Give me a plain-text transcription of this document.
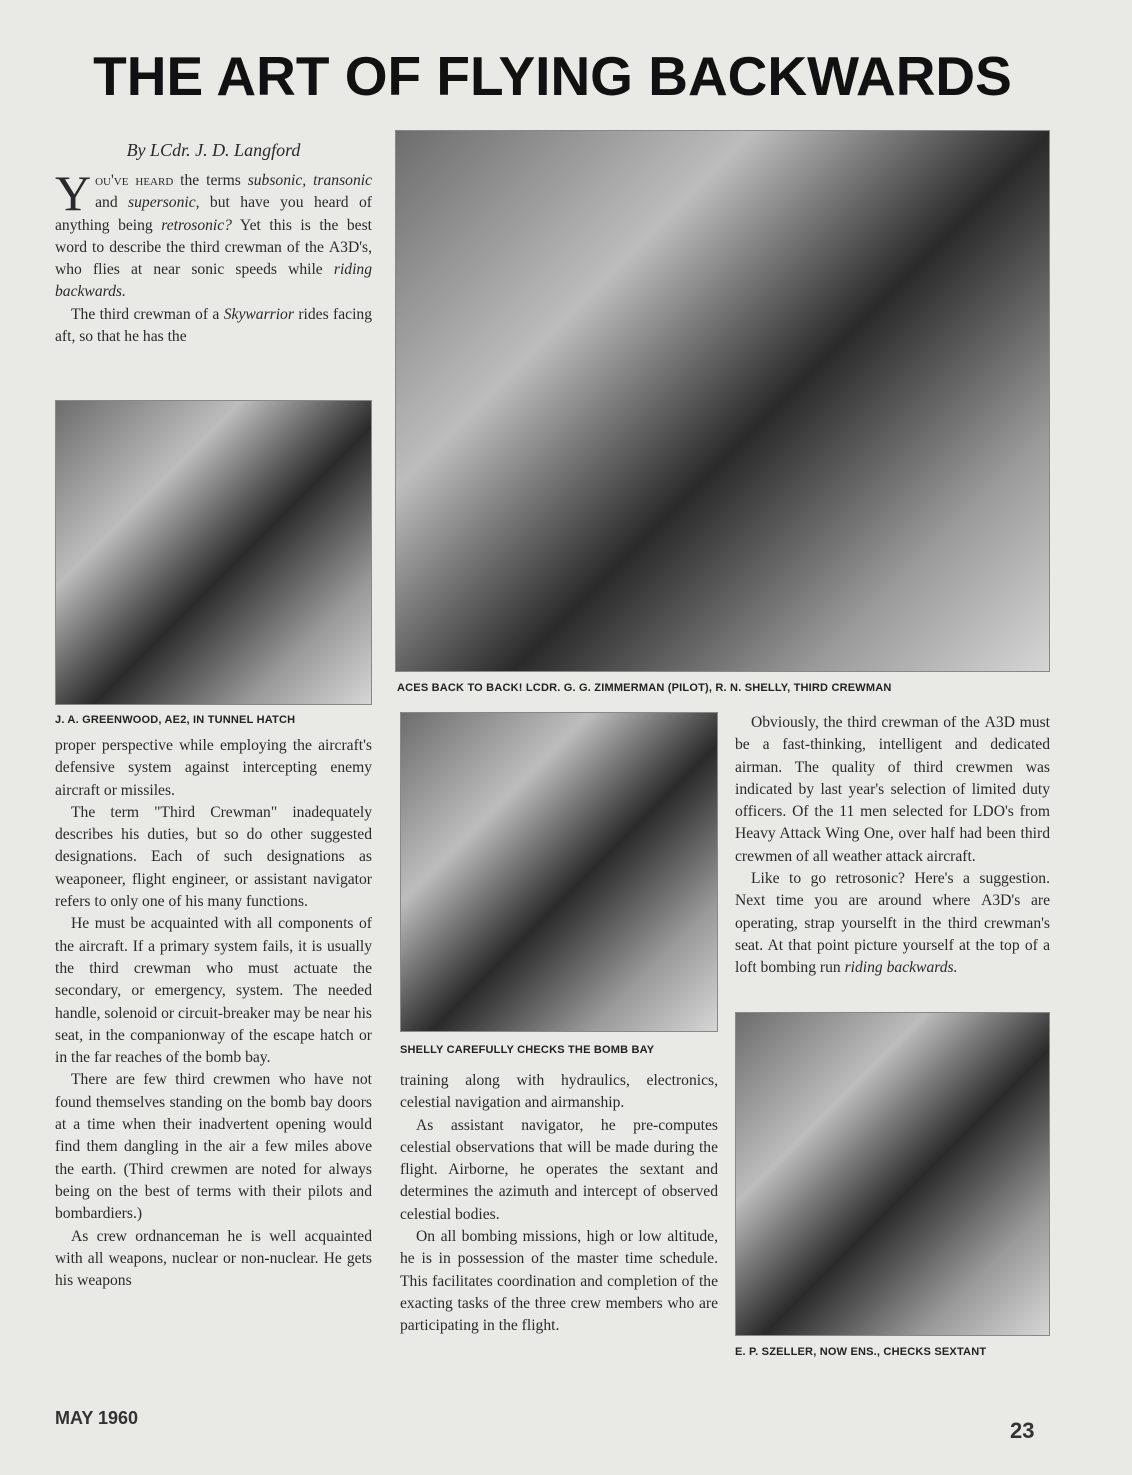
THE ART OF FLYING BACKWARDS
By LCdr. J. D. Langford

You've heard the terms subsonic, transonic and supersonic, but have you heard of anything being retrosonic? Yet this is the best word to describe the third crewman of the A3D's, who flies at near sonic speeds while riding backwards.

The third crewman of a Skywarrior rides facing aft, so that he has the

J. A. GREENWOOD, AE2, IN TUNNEL HATCH

proper perspective while employing the aircraft's defensive system against intercepting enemy aircraft or missiles.

The term "Third Crewman" inadequately describes his duties, but so do other suggested designations. Each of such designations as weaponeer, flight engineer, or assistant navigator refers to only one of his many functions.

He must be acquainted with all components of the aircraft. If a primary system fails, it is usually the third crewman who must actuate the secondary, or emergency, system. The needed handle, solenoid or circuit-breaker may be near his seat, in the companionway of the escape hatch or in the far reaches of the bomb bay.

There are few third crewmen who have not found themselves standing on the bomb bay doors at a time when their inadvertent opening would find them dangling in the air a few miles above the earth. (Third crewmen are noted for always being on the best of terms with their pilots and bombardiers.)

As crew ordnanceman he is well acquainted with all weapons, nuclear or non-nuclear. He gets his weapons

ACES BACK TO BACK! LCDR. G. G. ZIMMERMAN (PILOT), R. N. SHELLY, THIRD CREWMAN
SHELLY CAREFULLY CHECKS THE BOMB BAY

training along with hydraulics, electronics, celestial navigation and airmanship.

As assistant navigator, he pre-computes celestial observations that will be made during the flight. Airborne, he operates the sextant and determines the azimuth and intercept of observed celestial bodies.

On all bombing missions, high or low altitude, he is in possession of the master time schedule. This facilitates coordination and completion of the exacting tasks of the three crew members who are participating in the flight.

Obviously, the third crewman of the A3D must be a fast-thinking, intelligent and dedicated airman. The quality of third crewmen was indicated by last year's selection of limited duty officers. Of the 11 men selected for LDO's from Heavy Attack Wing One, over half had been third crewmen of all weather attack aircraft.

Like to go retrosonic? Here's a suggestion. Next time you are around where A3D's are operating, strap yourselft in the third crewman's seat. At that point picture yourself at the top of a loft bombing run riding backwards.

E. P. SZELLER, NOW ENS., CHECKS SEXTANT
MAY 1960	23
